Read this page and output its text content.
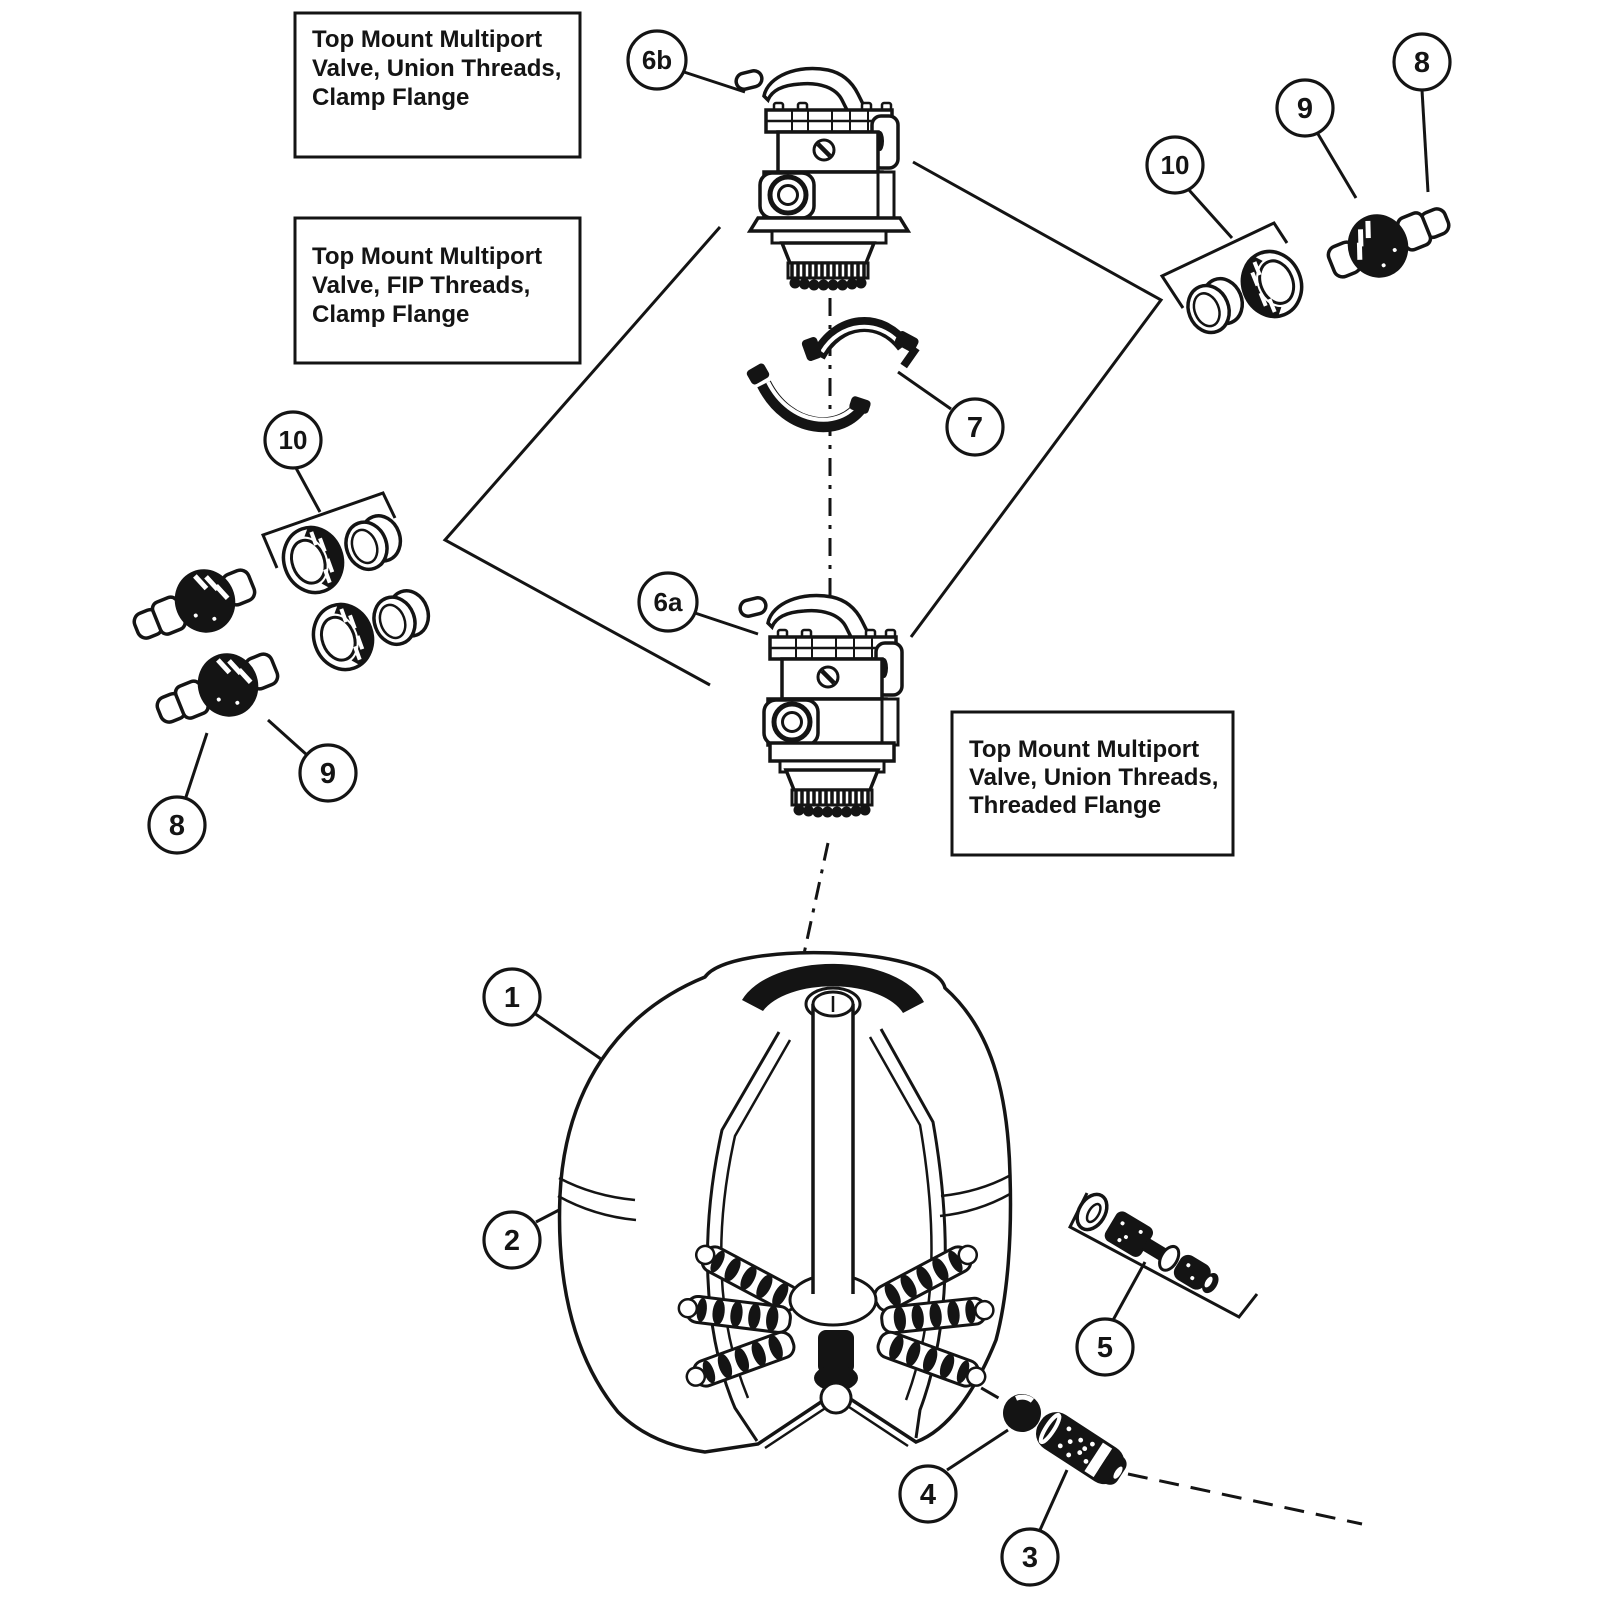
1
2
3
4
5
6a
6b
7
8
9
10
8
9
10
Top Mount Multiport
Valve, Union Threads,
Clamp Flange
Top Mount Multiport
Valve, FIP Threads,
Clamp Flange
Top Mount Multiport
Valve, Union Threads,
Threaded Flange
